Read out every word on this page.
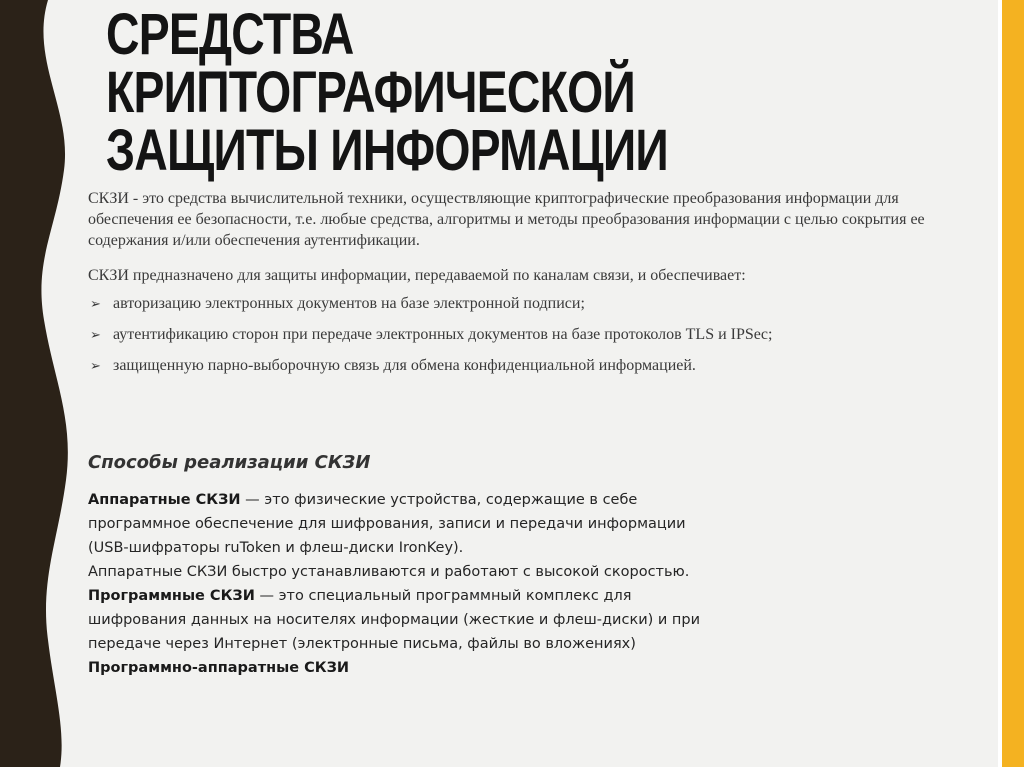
СРЕДСТВА КРИПТОГРАФИЧЕСКОЙ
ЗАЩИТЫ ИНФОРМАЦИИ

СКЗИ - это средства вычислительной техники, осуществляющие криптографические преобразования информации для обеспечения ее безопасности, т.е. любые средства, алгоритмы и методы преобразования информации с целью сокрытия ее содержания и/или обеспечения аутентификации.

СКЗИ предназначено для защиты информации, передаваемой по каналам связи, и обеспечивает:

➢ авторизацию электронных документов на базе электронной подписи;
➢ аутентификацию сторон при передаче электронных документов на базе протоколов TLS и IPSec;
➢ защищенную парно-выборочную связь для обмена конфиденциальной информацией.
Способы реализации СКЗИ

Аппаратные СКЗИ — это физические устройства, содержащие в себе программное обеспечение для шифрования, записи и передачи информации (USB-шифраторы ruToken и флеш-диски IronKey).

Аппаратные СКЗИ быстро устанавливаются и работают с высокой скоростью.

Программные СКЗИ — это специальный программный комплекс для шифрования данных на носителях информации (жесткие и флеш-диски) и при передаче через Интернет (электронные письма, файлы во вложениях)

Программно-аппаратные СКЗИ
